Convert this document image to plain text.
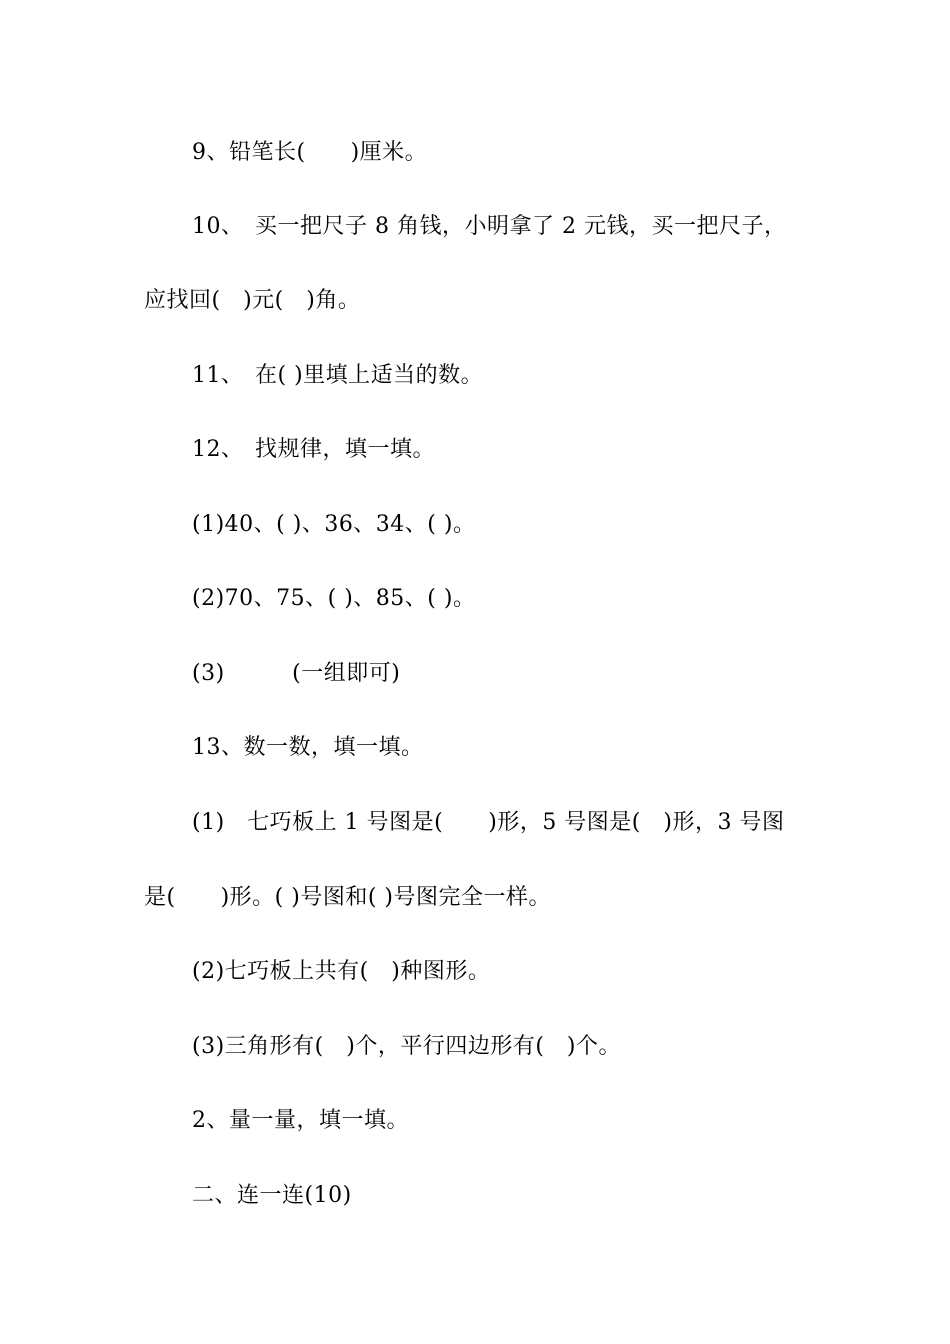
9、铅笔长(　　)厘米。
10、　买一把尺子 8 角钱，小明拿了 2 元钱，买一把尺子，
应找回(　)元(　)角。
11、　在( )里填上适当的数。
12、　找规律，填一填。
(1)40、( )、36、34、( )。
(2)70、75、( )、85、( )。
(3)　　　(一组即可)
13、数一数，填一填。
(1)　七巧板上 1 号图是(　　)形，5 号图是(　)形，3 号图
是(　　)形。( )号图和( )号图完全一样。
(2)七巧板上共有(　)种图形。
(3)三角形有(　)个，平行四边形有(　)个。
2、量一量，填一填。
二、连一连(10)
